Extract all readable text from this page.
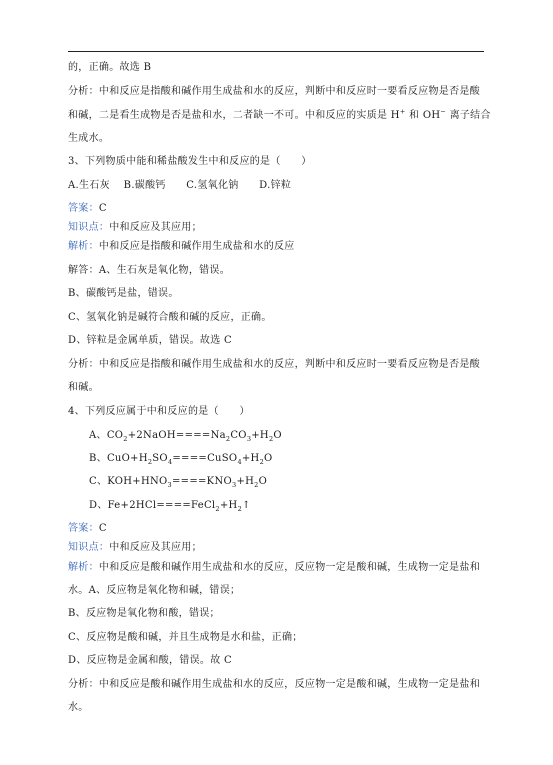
的，正确。故选 B
分析：中和反应是指酸和碱作用生成盐和水的反应，判断中和反应时一要看反应物是否是酸
和碱，二是看生成物是否是盐和水，二者缺一不可。中和反应的实质是 H+ 和 OH− 离子结合
生成水。
3、下列物质中能和稀盐酸发生中和反应的是（　　）
A.生石灰　 B.碳酸钙　　C.氢氧化钠　　D.锌粒
答案：C
知识点：中和反应及其应用；
解析：中和反应是指酸和碱作用生成盐和水的反应
解答：A、生石灰是氧化物，错误。
B、碳酸钙是盐，错误。
C、氢氧化钠是碱符合酸和碱的反应，正确。
D、锌粒是金属单质，错误。故选 C
分析：中和反应是指酸和碱作用生成盐和水的反应，判断中和反应时一要看反应物是否是酸
和碱。
4、下列反应属于中和反应的是（　　）
A、$CO_2+2NaOH====Na_2CO_3+H_2O$
B、$CuO+H_2SO_4====CuSO_4+H_2O$
C、$KOH+HNO_3====KNO_3+H_2O$
D、$Fe+2HCl====FeCl_2+H_2↑$
答案：C
知识点：中和反应及其应用；
解析：中和反应是酸和碱作用生成盐和水的反应，反应物一定是酸和碱，生成物一定是盐和
水。A、反应物是氧化物和碱，错误；
B、反应物是氧化物和酸，错误；
C、反应物是酸和碱，并且生成物是水和盐，正确；
D、反应物是金属和酸，错误。故 C
分析：中和反应是酸和碱作用生成盐和水的反应，反应物一定是酸和碱，生成物一定是盐和
水。
